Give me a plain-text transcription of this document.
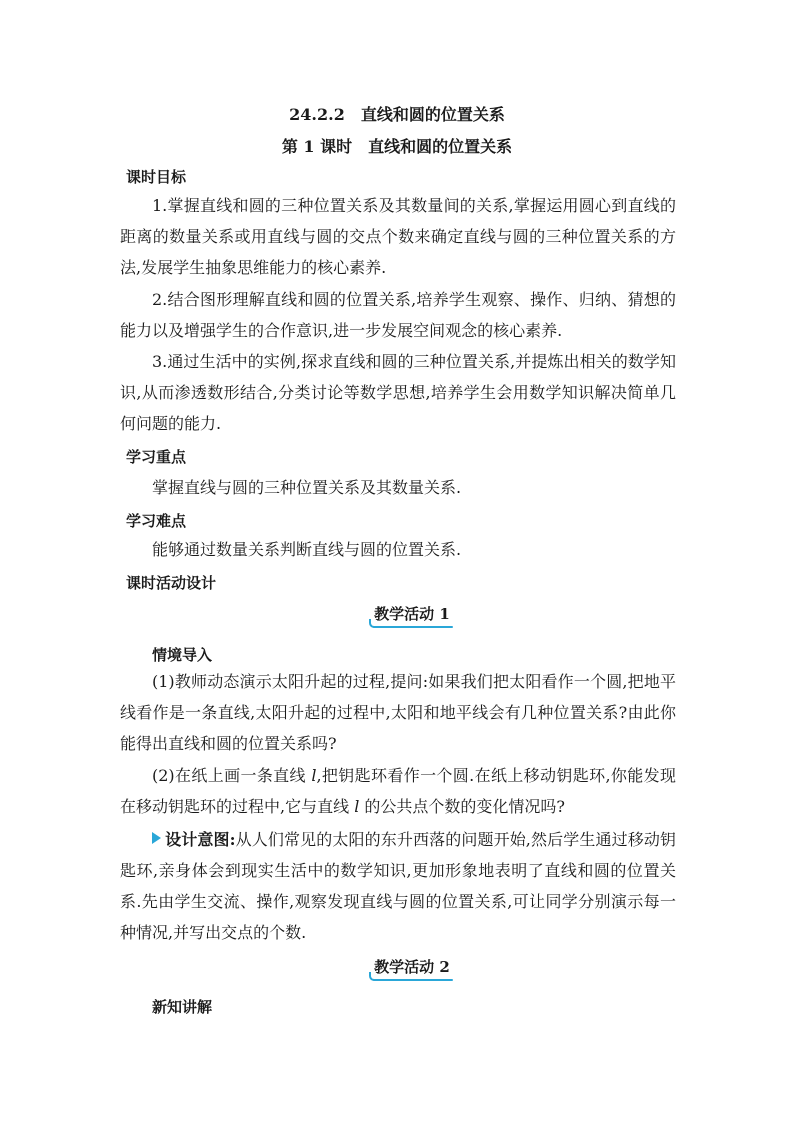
24.2.2　直线和圆的位置关系
第 1 课时　直线和圆的位置关系
课时目标

1.掌握直线和圆的三种位置关系及其数量间的关系,掌握运用圆心到直线的距离的数量关系或用直线与圆的交点个数来确定直线与圆的三种位置关系的方法,发展学生抽象思维能力的核心素养.

2.结合图形理解直线和圆的位置关系,培养学生观察、操作、归纳、猜想的能力以及增强学生的合作意识,进一步发展空间观念的核心素养.

3.通过生活中的实例,探求直线和圆的三种位置关系,并提炼出相关的数学知识,从而渗透数形结合,分类讨论等数学思想,培养学生会用数学知识解决简单几何问题的能力.

学习重点

掌握直线与圆的三种位置关系及其数量关系.

学习难点

能够通过数量关系判断直线与圆的位置关系.

课时活动设计
教学活动 1
情境导入

(1)教师动态演示太阳升起的过程,提问:如果我们把太阳看作一个圆,把地平线看作是一条直线,太阳升起的过程中,太阳和地平线会有几种位置关系?由此你能得出直线和圆的位置关系吗?

(2)在纸上画一条直线 l,把钥匙环看作一个圆.在纸上移动钥匙环,你能发现在移动钥匙环的过程中,它与直线 l 的公共点个数的变化情况吗?

设计意图:从人们常见的太阳的东升西落的问题开始,然后学生通过移动钥匙环,亲身体会到现实生活中的数学知识,更加形象地表明了直线和圆的位置关系.先由学生交流、操作,观察发现直线与圆的位置关系,可让同学分别演示每一种情况,并写出交点的个数.

教学活动 2
新知讲解
